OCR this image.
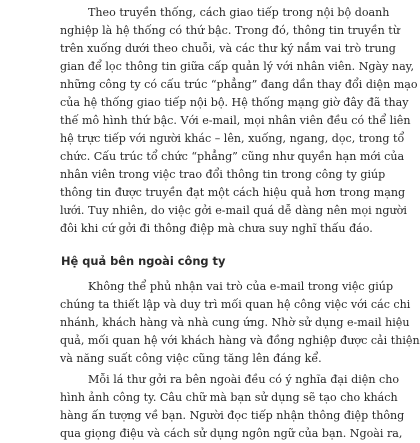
Theo truyền thống, cách giao tiếp trong nội bộ doanh
nghiệp là hệ thống có thứ bậc. Trong đó, thông tin truyền từ
trên xuống dưới theo chuỗi, và các thư ký nắm vai trò trung
gian để lọc thông tin giữa cấp quản lý với nhân viên. Ngày nay,
những công ty có cấu trúc “phẳng” đang dần thay đổi diện mạo
của hệ thống giao tiếp nội bộ. Hệ thống mạng giờ đây đã thay
thế mô hình thứ bậc. Với e-mail, mọi nhân viên đều có thể liên
hệ trực tiếp với người khác – lên, xuống, ngang, dọc, trong tổ
chức. Cấu trúc tổ chức “phẳng” cũng như quyền hạn mới của
nhân viên trong việc trao đổi thông tin trong công ty giúp
thông tin được truyền đạt một cách hiệu quả hơn trong mạng
lưới. Tuy nhiên, do việc gởi e-mail quá dễ dàng nên mọi người
đôi khi cứ gởi đi thông điệp mà chưa suy nghĩ thấu đáo.
Hệ quả bên ngoài công ty
Không thể phủ nhận vai trò của e-mail trong việc giúp
chúng ta thiết lập và duy trì mối quan hệ công việc với các chi
nhánh, khách hàng và nhà cung ứng. Nhờ sử dụng e-mail hiệu
quả, mối quan hệ với khách hàng và đồng nghiệp được cải thiện
và năng suất công việc cũng tăng lên đáng kể.
Mỗi lá thư gởi ra bên ngoài đều có ý nghĩa đại diện cho
hình ảnh công ty. Câu chữ mà bạn sử dụng sẽ tạo cho khách
hàng ấn tượng về bạn. Người đọc tiếp nhận thông điệp thông
qua giọng điệu và cách sử dụng ngôn ngữ của bạn. Ngoài ra,
